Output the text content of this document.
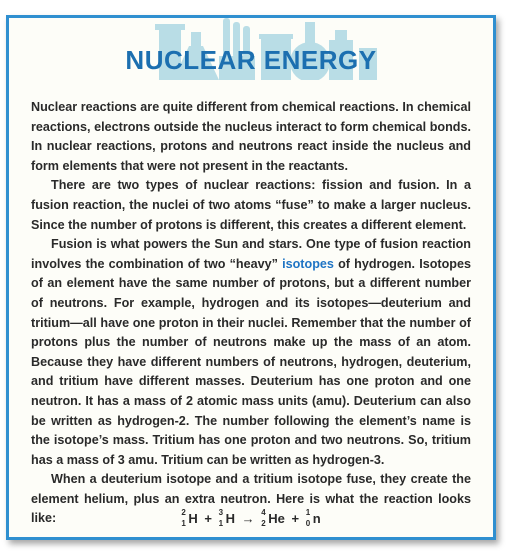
NUCLEAR ENERGY

Nuclear reactions are quite different from chemical reactions. In chemical reactions, electrons outside the nucleus interact to form chemical bonds. In nuclear reactions, protons and neutrons react inside the nucleus and form elements that were not present in the reactants.

There are two types of nuclear reactions: fission and fusion. In a fusion reaction, the nuclei of two atoms “fuse” to make a larger nucleus. Since the number of protons is different, this creates a different element.

Fusion is what powers the Sun and stars. One type of fusion reaction involves the combination of two “heavy” isotopes of hydrogen. Isotopes of an element have the same number of protons, but a different number of neutrons. For example, hydrogen and its isotopes—deuterium and tritium—all have one proton in their nuclei. Remember that the number of protons plus the number of neutrons make up the mass of an atom. Because they have different numbers of neutrons, hydrogen, deuterium, and tritium have different masses. Deuterium has one proton and one neutron. It has a mass of 2 atomic mass units (amu). Deuterium can also be written as hydrogen-2. The number following the element’s name is the isotope’s mass. Tritium has one proton and two neutrons. So, tritium has a mass of 3 amu. Tritium can be written as hydrogen-3.

When a deuterium isotope and a tritium isotope fuse, they create the element helium, plus an extra neutron. Here is what the reaction looks like:	2
1 H + 3
1 H → 4
2 He + 1
0 n
